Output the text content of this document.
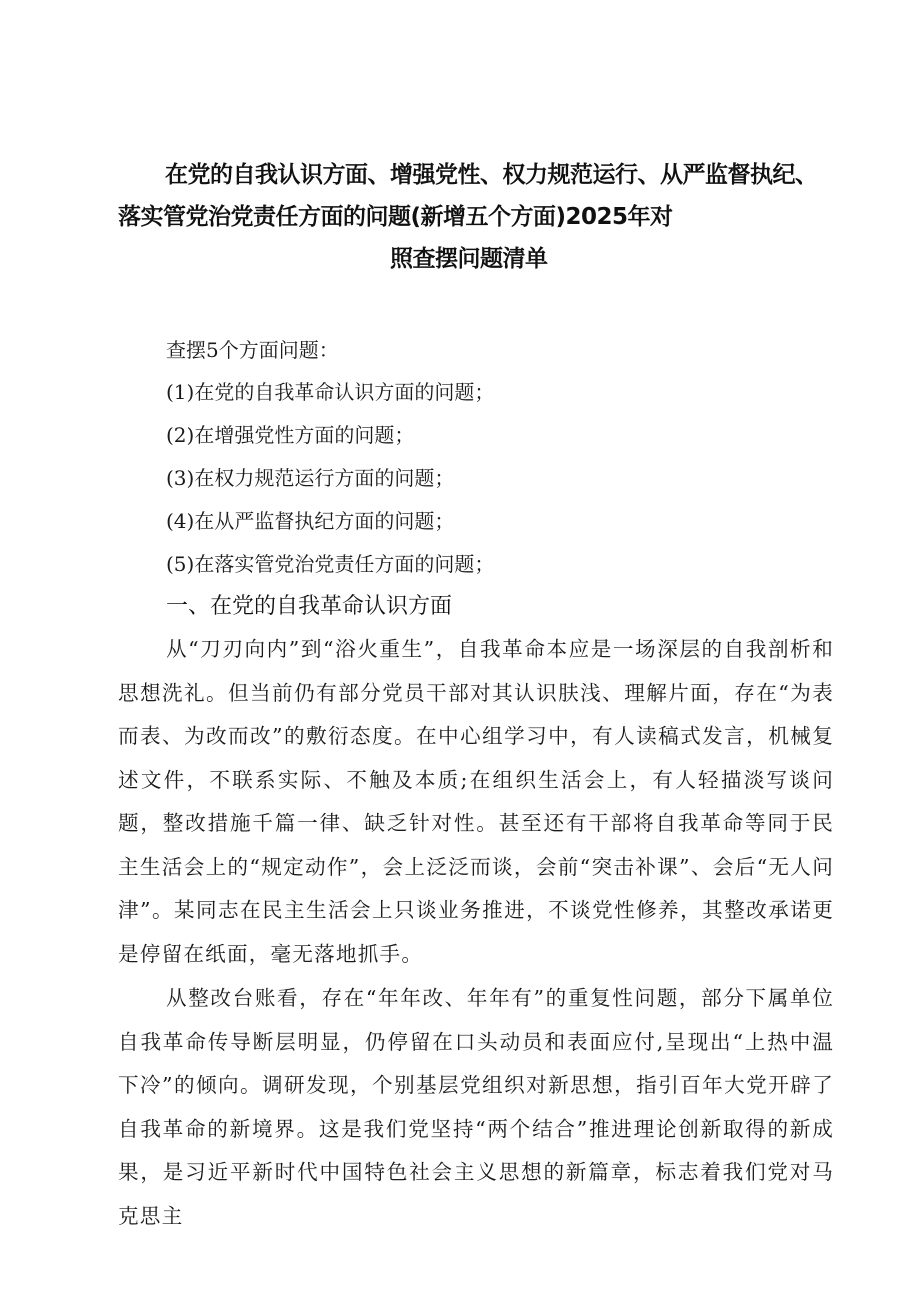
在党的自我认识方面、增强党性、权力规范运行、从严监督执纪、
落实管党治党责任方面的问题(新增五个方面)2025年对
照查摆问题清单
查摆5个方面问题：
(1)在党的自我革命认识方面的问题；
(2)在增强党性方面的问题；
(3)在权力规范运行方面的问题；
(4)在从严监督执纪方面的问题；
(5)在落实管党治党责任方面的问题；
一、在党的自我革命认识方面

从“刀刃向内”到“浴火重生”，自我革命本应是一场深层的自我剖析和思想洗礼。但当前仍有部分党员干部对其认识肤浅、理解片面，存在“为表而表、为改而改”的敷衍态度。在中心组学习中，有人读稿式发言，机械复述文件，不联系实际、不触及本质;在组织生活会上，有人轻描淡写谈问题，整改措施千篇一律、缺乏针对性。甚至还有干部将自我革命等同于民主生活会上的“规定动作”，会上泛泛而谈，会前“突击补课”、会后“无人问津”。某同志在民主生活会上只谈业务推进，不谈党性修养，其整改承诺更是停留在纸面，毫无落地抓手。

从整改台账看，存在“年年改、年年有”的重复性问题，部分下属单位自我革命传导断层明显，仍停留在口头动员和表面应付,呈现出“上热中温下冷”的倾向。调研发现，个别基层党组织对新思想，指引百年大党开辟了自我革命的新境界。这是我们党坚持“两个结合”推进理论创新取得的新成果，是习近平新时代中国特色社会主义思想的新篇章，标志着我们党对马克思主
